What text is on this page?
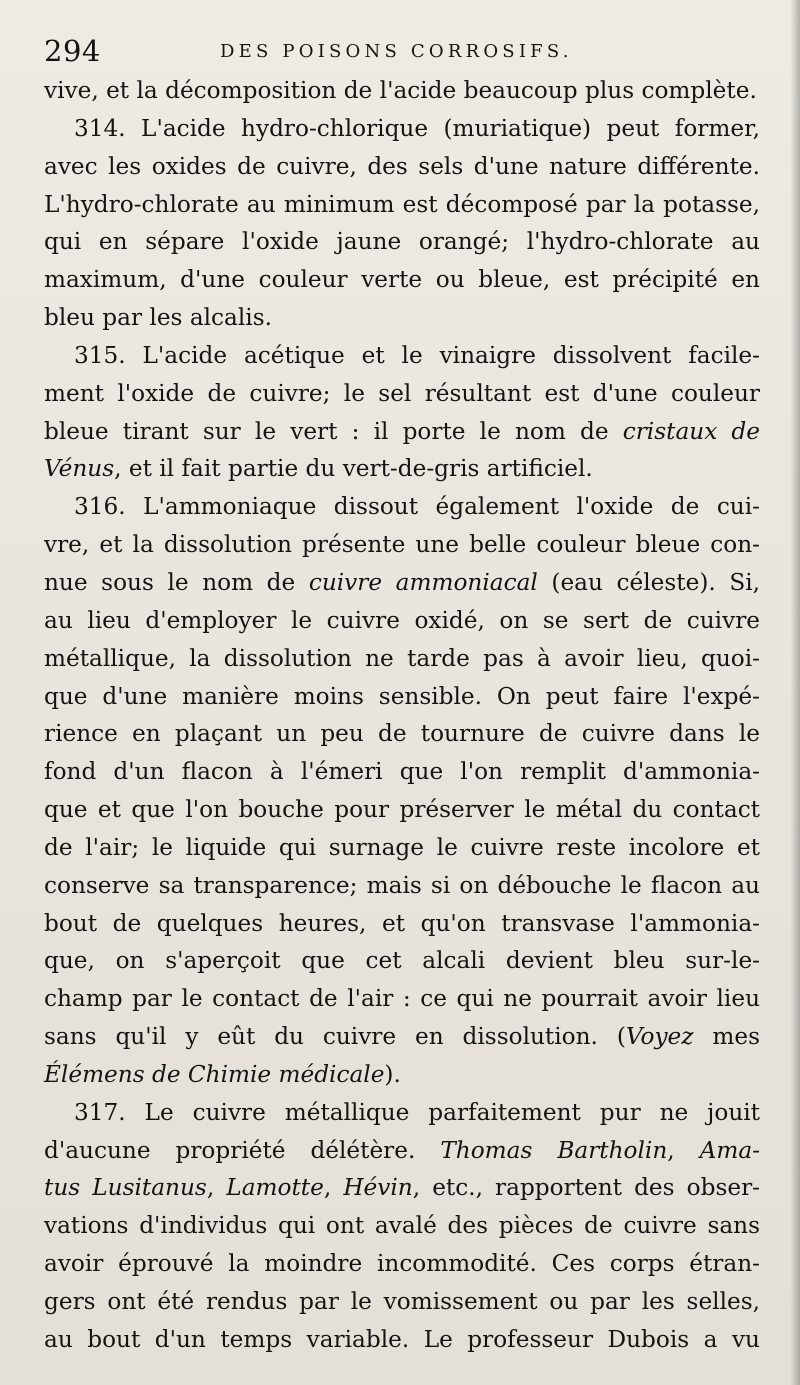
294	DES POISONS CORROSIFS.

vive, et la décomposition de l'acide beaucoup plus complète.

314. L'acide hydro-chlorique (muriatique) peut former,
avec les oxides de cuivre, des sels d'une nature différente.
L'hydro-chlorate au minimum est décomposé par la potasse,
qui en sépare l'oxide jaune orangé; l'hydro-chlorate au
maximum, d'une couleur verte ou bleue, est précipité en
bleu par les alcalis.

315. L'acide acétique et le vinaigre dissolvent facile-
ment l'oxide de cuivre; le sel résultant est d'une couleur
bleue tirant sur le vert : il porte le nom de cristaux de
Vénus, et il fait partie du vert-de-gris artificiel.

316. L'ammoniaque dissout également l'oxide de cui-
vre, et la dissolution présente une belle couleur bleue con-
nue sous le nom de cuivre ammoniacal (eau céleste). Si,
au lieu d'employer le cuivre oxidé, on se sert de cuivre
métallique, la dissolution ne tarde pas à avoir lieu, quoi-
que d'une manière moins sensible. On peut faire l'expé-
rience en plaçant un peu de tournure de cuivre dans le
fond d'un flacon à l'émeri que l'on remplit d'ammonia-
que et que l'on bouche pour préserver le métal du contact
de l'air; le liquide qui surnage le cuivre reste incolore et
conserve sa transparence; mais si on débouche le flacon au
bout de quelques heures, et qu'on transvase l'ammonia-
que, on s'aperçoit que cet alcali devient bleu sur-le-
champ par le contact de l'air : ce qui ne pourrait avoir lieu
sans qu'il y eût du cuivre en dissolution. (Voyez mes
Élémens de Chimie médicale).

317. Le cuivre métallique parfaitement pur ne jouit
d'aucune propriété délétère. Thomas Bartholin, Ama-
tus Lusitanus, Lamotte, Hévin, etc., rapportent des obser-
vations d'individus qui ont avalé des pièces de cuivre sans
avoir éprouvé la moindre incommodité. Ces corps étran-
gers ont été rendus par le vomissement ou par les selles,
au bout d'un temps variable. Le professeur Dubois a vu
